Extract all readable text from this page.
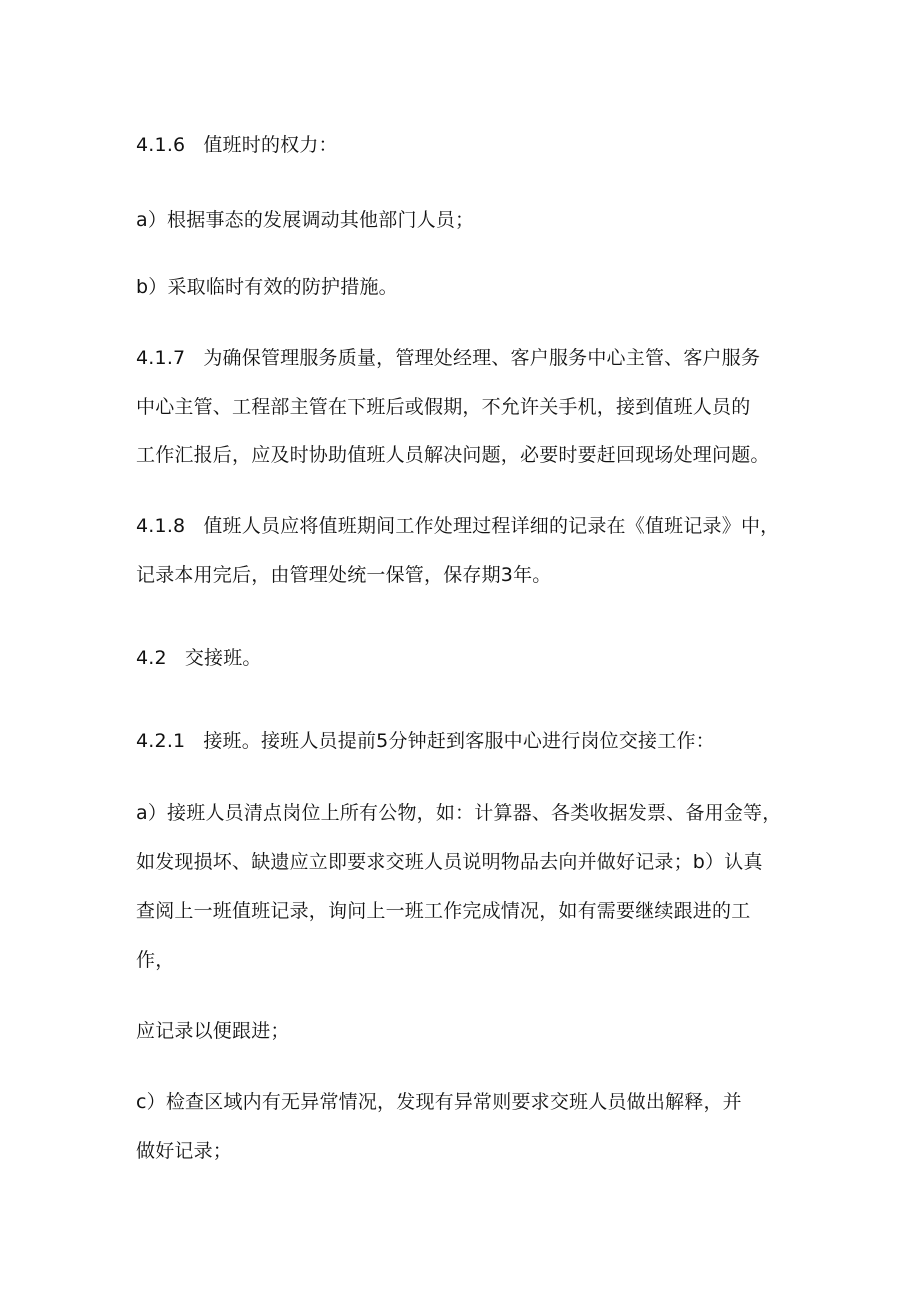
4.1.6 值班时的权力：
a）根据事态的发展调动其他部门人员；
b）采取临时有效的防护措施。
4.1.7 为确保管理服务质量，管理处经理、客户服务中心主管、客户服务
中心主管、工程部主管在下班后或假期，不允许关手机，接到值班人员的
工作汇报后，应及时协助值班人员解决问题，必要时要赶回现场处理问题。
4.1.8 值班人员应将值班期间工作处理过程详细的记录在《值班记录》中，
记录本用完后，由管理处统一保管，保存期3年。
4.2 交接班。
4.2.1 接班。接班人员提前5分钟赶到客服中心进行岗位交接工作：
a）接班人员清点岗位上所有公物，如：计算器、各类收据发票、备用金等，
如发现损坏、缺遗应立即要求交班人员说明物品去向并做好记录；b）认真
查阅上一班值班记录，询问上一班工作完成情况，如有需要继续跟进的工
作，
应记录以便跟进；
c）检查区域内有无异常情况，发现有异常则要求交班人员做出解释，并
做好记录；
